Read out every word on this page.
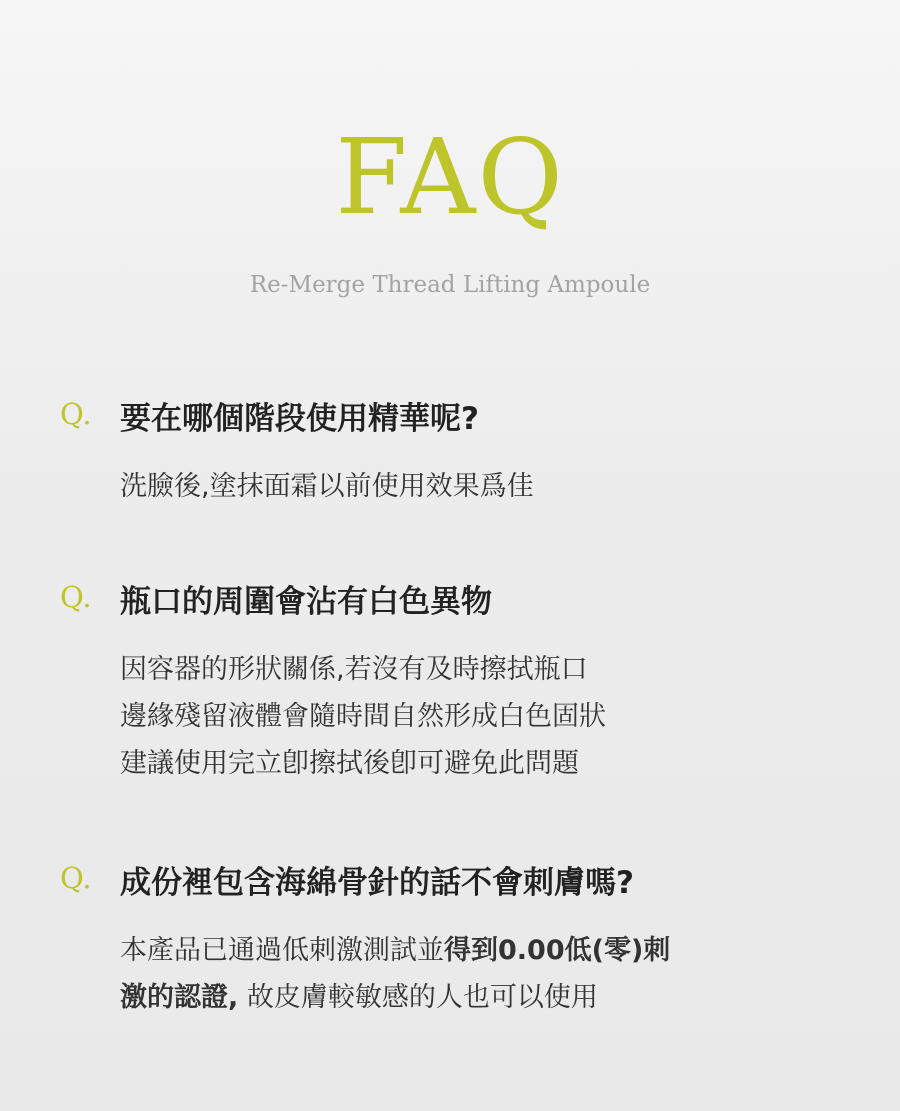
FAQ

Re-Merge Thread Lifting Ampoule

Q. 要在哪個階段使用精華呢?
洗臉後,塗抹面霜以前使用效果爲佳
Q. 瓶口的周圍會沾有白色異物
因容器的形狀關係,若沒有及時擦拭瓶口
邊緣殘留液體會隨時間自然形成白色固狀
建議使用完立卽擦拭後卽可避免此問題
Q. 成份裡包含海綿骨針的話不會刺膚嗎?
本產品已通過低刺激測試並得到0.00低(零)刺
激的認證, 故皮膚較敏感的人也可以使用
